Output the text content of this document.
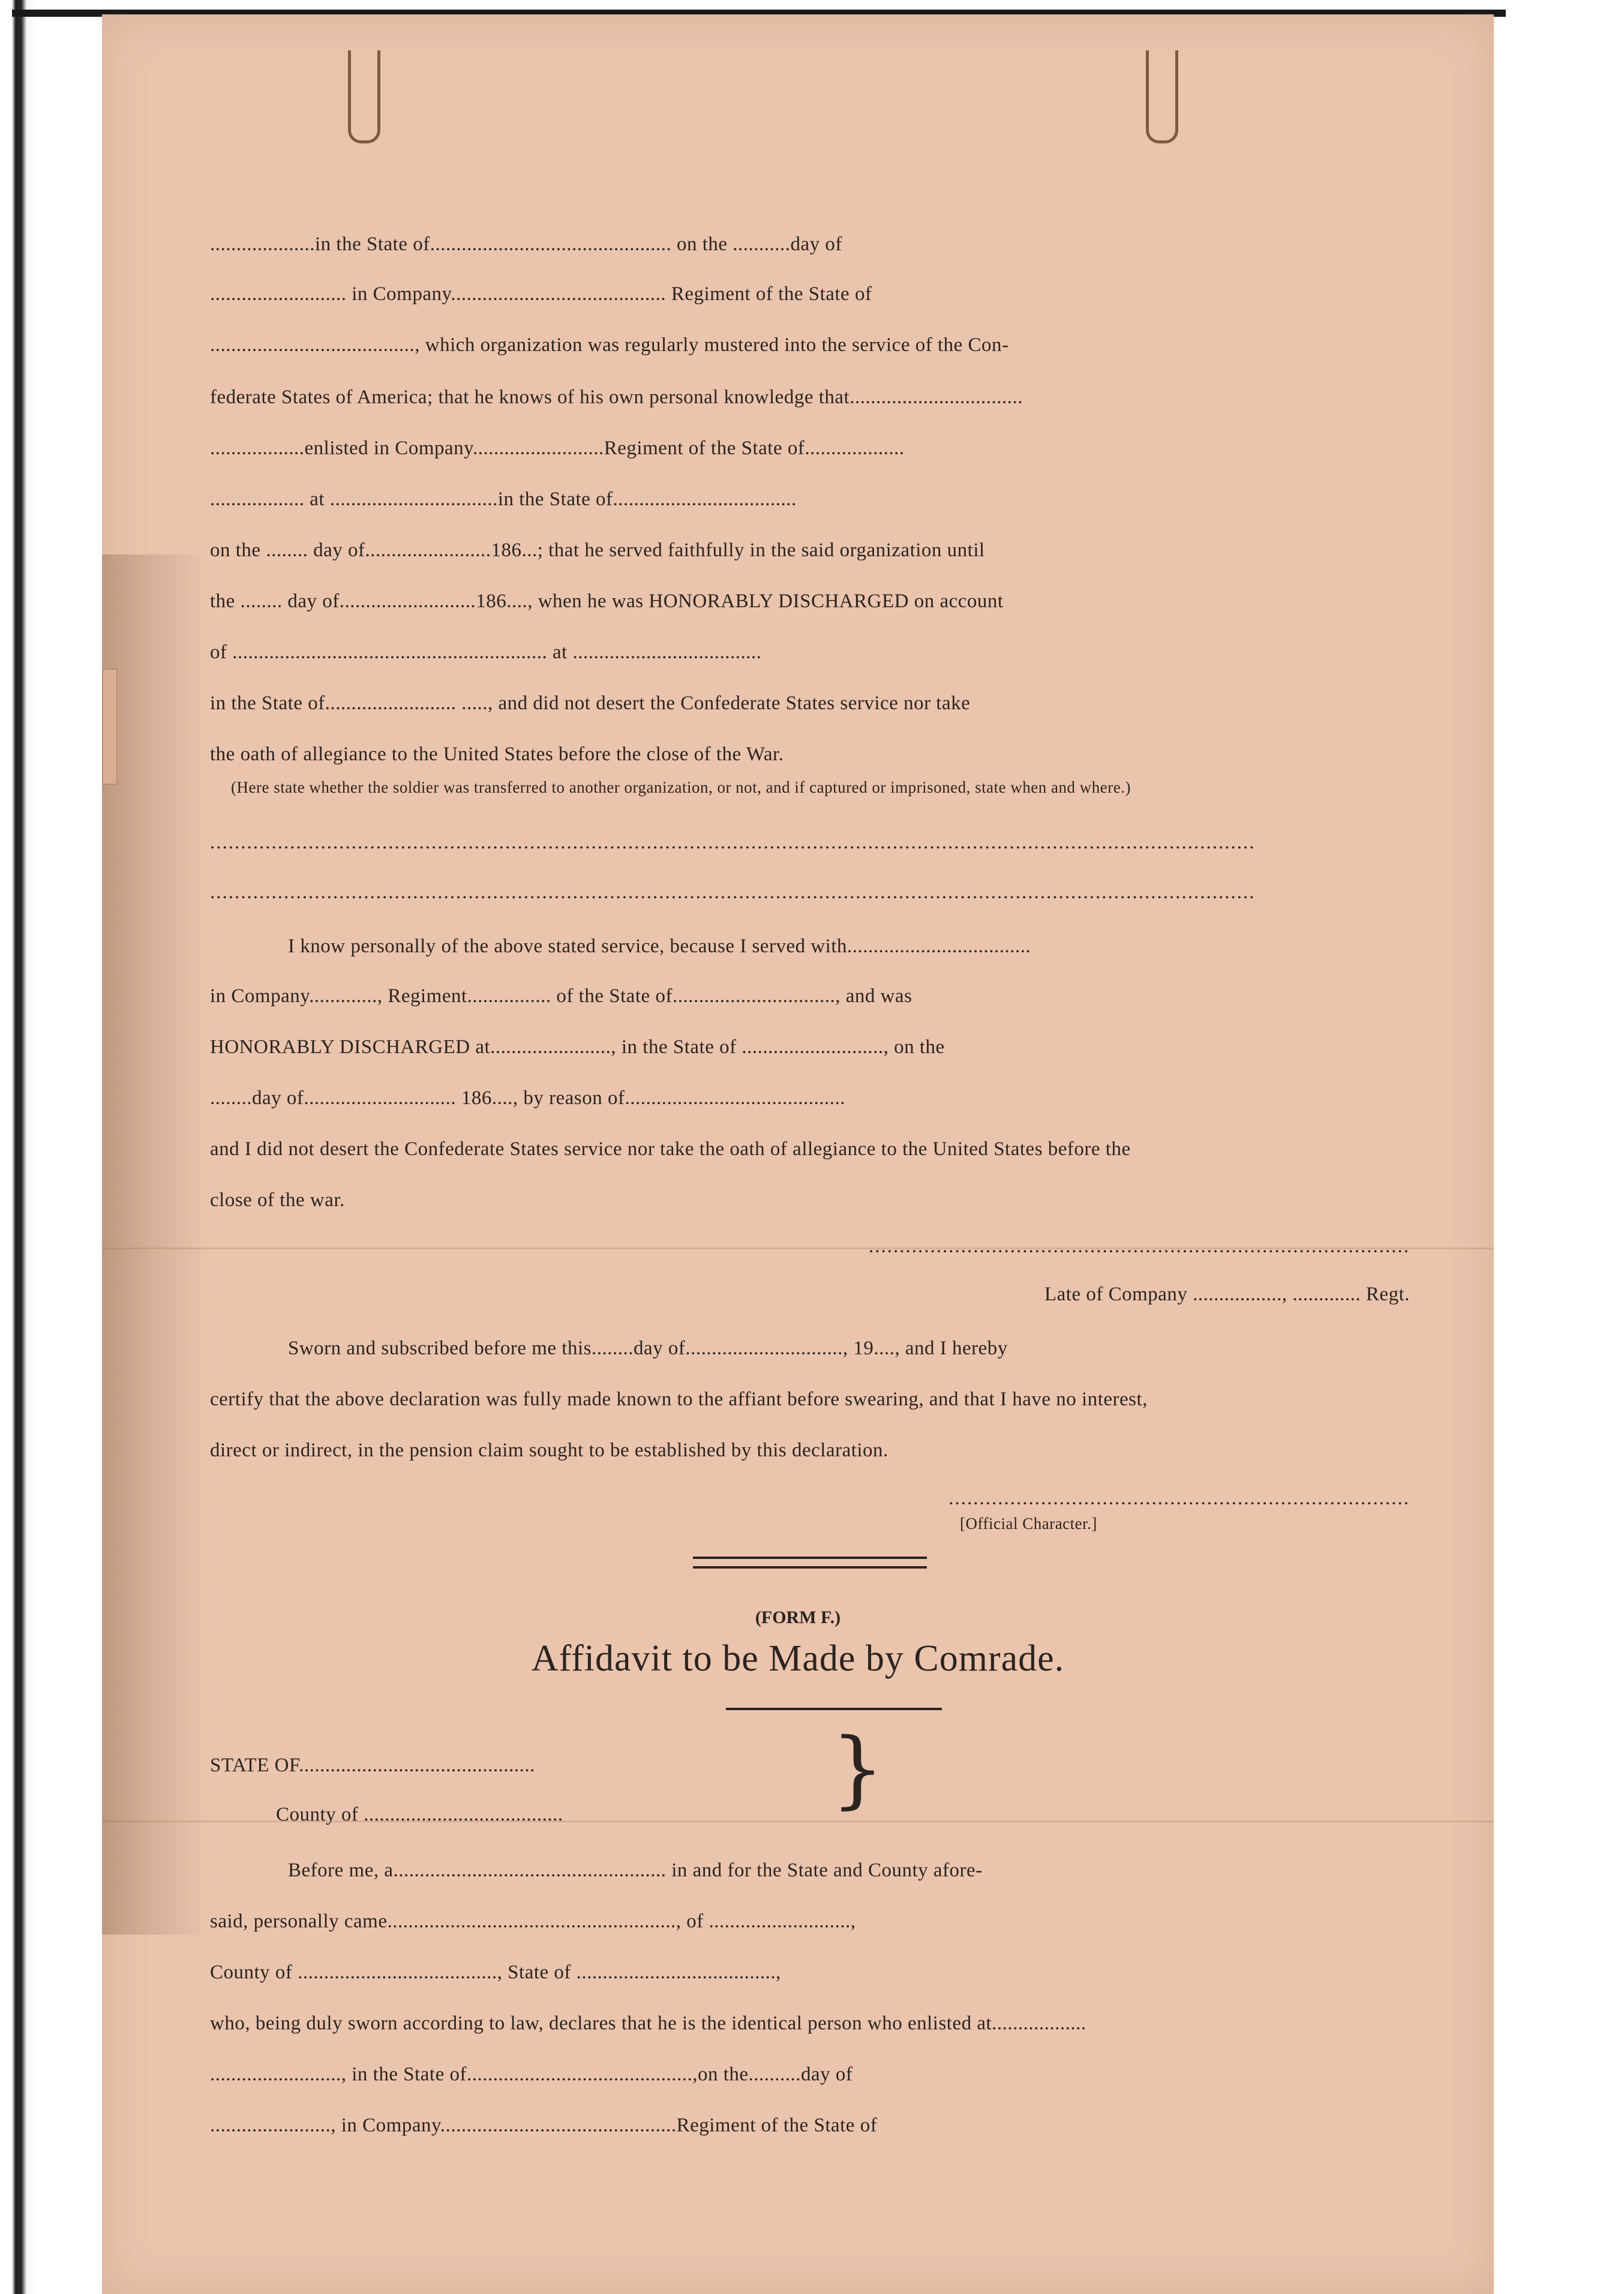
....................in the State of.............................................. on the ...........day of
.......................... in Company......................................... Regiment of the State of
......................................., which organization was regularly mustered into the service of the Con-
federate States of America; that he knows of his own personal knowledge that.................................
..................enlisted in Company.........................Regiment of the State of...................
.................. at ................................in the State of...................................
on the ........ day of........................186...; that he served faithfully in the said organization until
the ........ day of..........................186...., when he was HONORABLY DISCHARGED on account
of ............................................................ at ....................................
in the State of......................... ....., and did not desert the Confederate States service nor take
the oath of allegiance to the United States before the close of the War.
(Here state whether the soldier was transferred to another organization, or not, and if captured or imprisoned, state when and where.)
..........................................................................................................................................................................
..........................................................................................................................................................................
I know personally of the above stated service, because I served with...................................
in Company............., Regiment................ of the State of..............................., and was
HONORABLY DISCHARGED at......................., in the State of ..........................., on the
........day of............................. 186...., by reason of..........................................
and I did not desert the Confederate States service nor take the oath of allegiance to the United States before the
close of the war.
........................................................................................
Late of Company ................., ............. Regt.
Sworn and subscribed before me this........day of.............................., 19...., and I hereby
certify that the above declaration was fully made known to the affiant before swearing, and that I have no interest,
direct or indirect, in the pension claim sought to be established by this declaration.
...........................................................................
[Official Character.]
(FORM F.)
Affidavit to be Made by Comrade.
STATE OF.............................................
County of ......................................	}
Before me, a.................................................... in and for the State and County afore-
said, personally came......................................................., of ...........................,
County of ......................................, State of ......................................,
who, being duly sworn according to law, declares that he is the identical person who enlisted at..................
........................., in the State of...........................................,on the..........day of
......................., in Company.............................................Regiment of the State of
